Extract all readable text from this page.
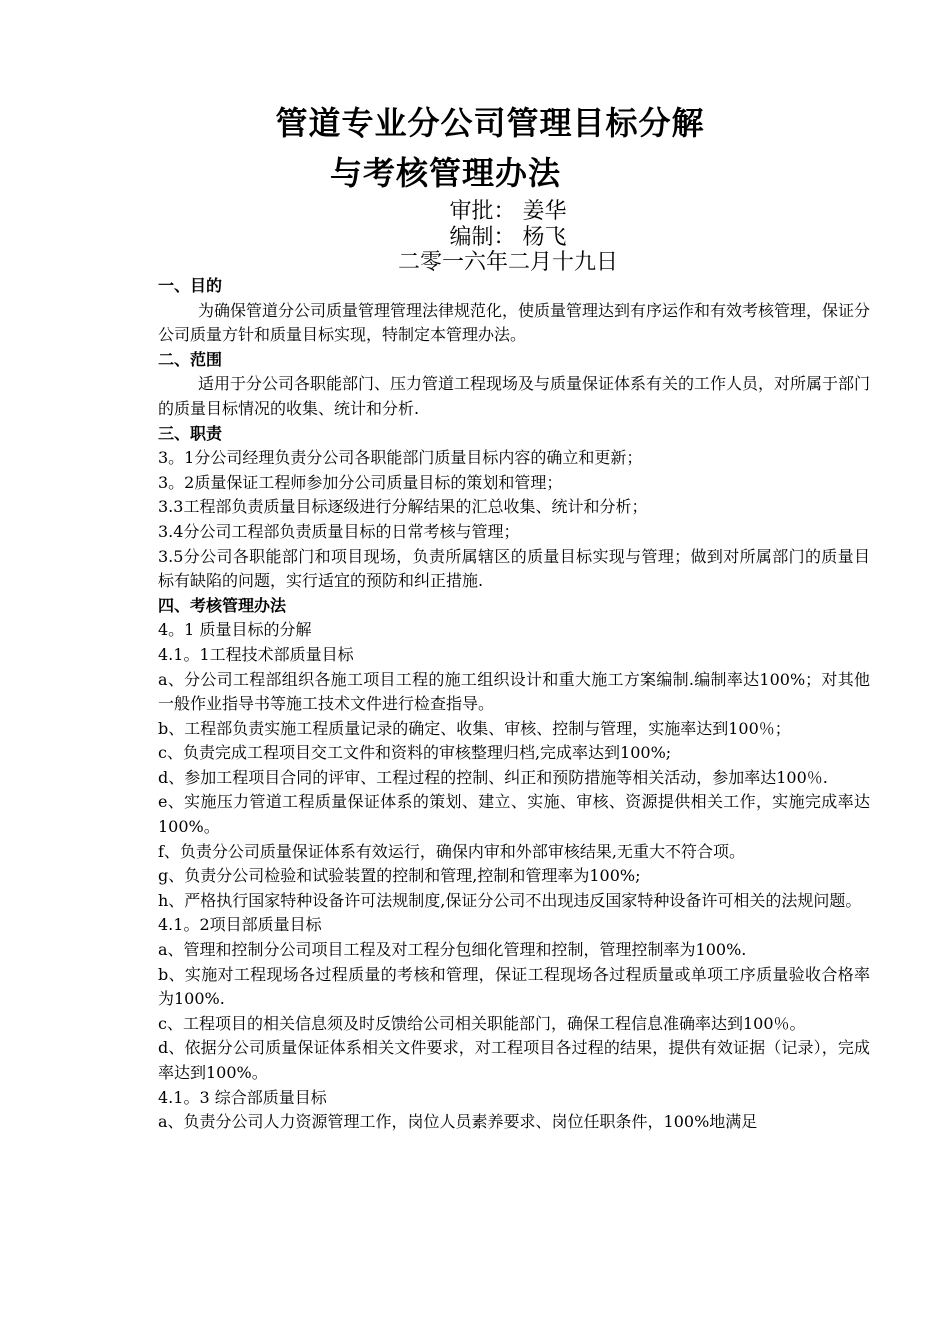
管道专业分公司管理目标分解
与考核管理办法
审批： 姜华
编制： 杨飞
二零一六年二月十九日

一、目的

为确保管道分公司质量管理管理法律规范化，使质量管理达到有序运作和有效考核管理，保证分公司质量方针和质量目标实现，特制定本管理办法。

二、范围

适用于分公司各职能部门、压力管道工程现场及与质量保证体系有关的工作人员，对所属于部门的质量目标情况的收集、统计和分析.

三、职责

3。1分公司经理负责分公司各职能部门质量目标内容的确立和更新；

3。2质量保证工程师参加分公司质量目标的策划和管理；

3.3工程部负责质量目标逐级进行分解结果的汇总收集、统计和分析；

3.4分公司工程部负责质量目标的日常考核与管理；

3.5分公司各职能部门和项目现场，负责所属辖区的质量目标实现与管理；做到对所属部门的质量目标有缺陷的问题，实行适宜的预防和纠正措施.

四、考核管理办法

4。1 质量目标的分解

4.1。1工程技术部质量目标

a、分公司工程部组织各施工项目工程的施工组织设计和重大施工方案编制.编制率达100%；对其他一般作业指导书等施工技术文件进行检查指导。

b、工程部负责实施工程质量记录的确定、收集、审核、控制与管理，实施率达到100％；

c、负责完成工程项目交工文件和资料的审核整理归档,完成率达到100%;

d、参加工程项目合同的评审、工程过程的控制、纠正和预防措施等相关活动，参加率达100％.

e、实施压力管道工程质量保证体系的策划、建立、实施、审核、资源提供相关工作，实施完成率达100%。

f、负责分公司质量保证体系有效运行，确保内审和外部审核结果,无重大不符合项。

g、负责分公司检验和试验装置的控制和管理,控制和管理率为100%;

h、严格执行国家特种设备许可法规制度,保证分公司不出现违反国家特种设备许可相关的法规问题。

4.1。2项目部质量目标

a、管理和控制分公司项目工程及对工程分包细化管理和控制，管理控制率为100%.

b、实施对工程现场各过程质量的考核和管理，保证工程现场各过程质量或单项工序质量验收合格率为100%.

c、工程项目的相关信息须及时反馈给公司相关职能部门，确保工程信息准确率达到100％。

d、依据分公司质量保证体系相关文件要求，对工程项目各过程的结果，提供有效证据（记录），完成率达到100%。

4.1。3 综合部质量目标

a、负责分公司人力资源管理工作，岗位人员素养要求、岗位任职条件，100%地满足
